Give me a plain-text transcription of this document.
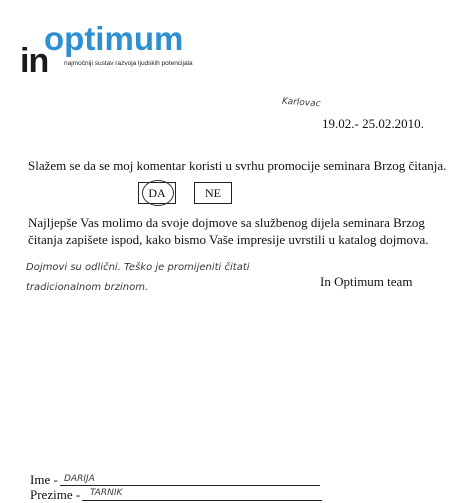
optimum
in najmočniji sustav razvoja ljudskih potencijala
Karlovac
19.02.- 25.02.2010.
Slažem se da se moj komentar koristi u svrhu promocije seminara Brzog čitanja.
DA	NE
Najljepše Vas molimo da svoje dojmove sa službenog dijela seminara Brzog
čitanja zapišete ispod, kako bismo Vaše impresije uvrstili u katalog dojmova.
Dojmovi su odlični. Teško je promijeniti čitati
tradicionalnom brzinom.	In Optimum team
Ime - DARIJA
Prezime - TARNIK
